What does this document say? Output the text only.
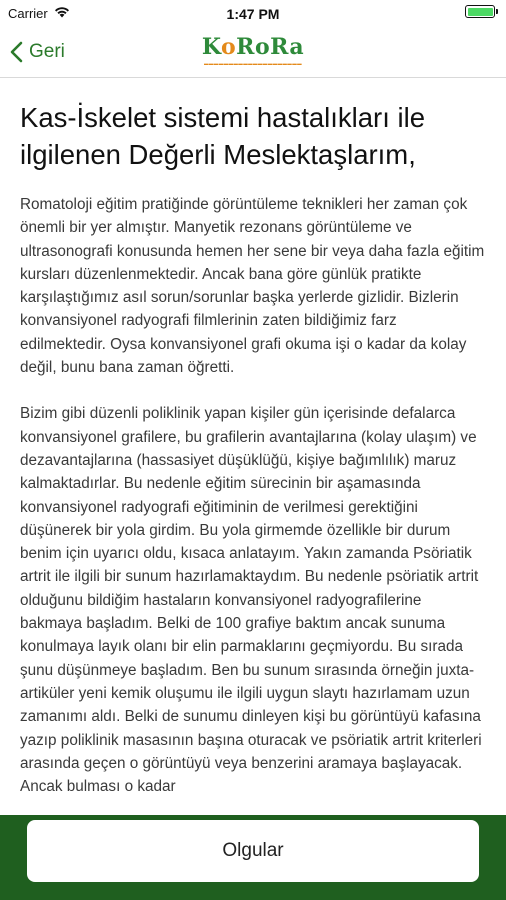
Carrier	1:47 PM
Geri	KoRoRa
▬▬▬▬▬▬▬▬▬▬▬▬▬▬▬▬▬▬▬▬
Kas-İskelet sistemi hastalıkları ile ilgilenen Değerli Meslektaşlarım,

Romatoloji eğitim pratiğinde görüntüleme teknikleri her zaman çok önemli bir yer almıştır. Manyetik rezonans görüntüleme ve ultrasonografi konusunda hemen her sene bir veya daha fazla eğitim kursları düzenlenmektedir. Ancak bana göre günlük pratikte karşılaştığımız asıl sorun/sorunlar başka yerlerde gizlidir. Bizlerin konvansiyonel radyografi filmlerinin zaten bildiğimiz farz edilmektedir. Oysa konvansiyonel grafi okuma işi o kadar da kolay değil, bunu bana zaman öğretti.

Bizim gibi düzenli poliklinik yapan kişiler gün içerisinde defalarca konvansiyonel grafilere, bu grafilerin avantajlarına (kolay ulaşım) ve dezavantajlarına (hassasiyet düşüklüğü, kişiye bağımlılık) maruz kalmaktadırlar. Bu nedenle eğitim sürecinin bir aşamasında konvansiyonel radyografi eğitiminin de verilmesi gerektiğini düşünerek bir yola girdim. Bu yola girmemde özellikle bir durum benim için uyarıcı oldu, kısaca anlatayım. Yakın zamanda Psöriatik artrit ile ilgili bir sunum hazırlamaktaydım. Bu nedenle psöriatik artrit olduğunu bildiğim hastaların konvansiyonel radyografilerine bakmaya başladım. Belki de 100 grafiye baktım ancak sunuma konulmaya layık olanı bir elin parmaklarını geçmiyordu. Bu sırada şunu düşünmeye başladım. Ben bu sunum sırasında örneğin juxta-artiküler yeni kemik oluşumu ile ilgili uygun slaytı hazırlamam uzun zamanımı aldı. Belki de sunumu dinleyen kişi bu görüntüyü kafasına yazıp poliklinik masasının başına oturacak ve psöriatik artrit kriterleri arasında geçen o görüntüyü veya benzerini aramaya başlayacak. Ancak bulması o kadar

Olgular
